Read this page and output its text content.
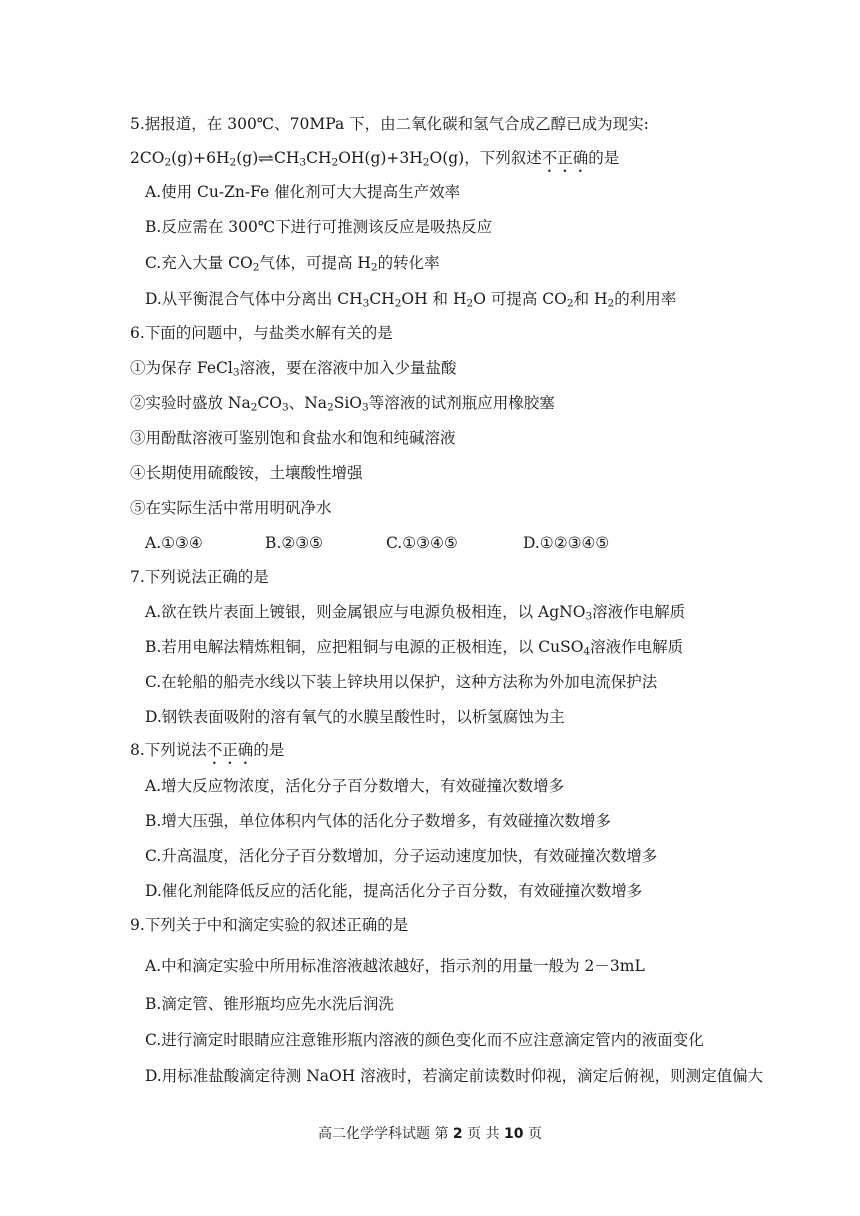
5.据报道，在 300℃、70MPa 下，由二氧化碳和氢气合成乙醇已成为现实:
$2CO_2(g)+6H_2(g)\rightleftharpoons CH_3CH_2OH(g)+3H_2O(g)$，下列叙述不正确的是
A.使用 Cu-Zn-Fe 催化剂可大大提高生产效率
B.反应需在 300℃下进行可推测该反应是吸热反应
C.充入大量 $CO_2$气体，可提高 $H_2$的转化率
D.从平衡混合气体中分离出 $CH_3CH_2OH$ 和 $H_2O$ 可提高 $CO_2$和 $H_2$的利用率
6.下面的问题中，与盐类水解有关的是
①为保存 FeCl$_3$溶液，要在溶液中加入少量盐酸
②实验时盛放 $Na_2CO_3$、$Na_2SiO_3$等溶液的试剂瓶应用橡胶塞
③用酚酞溶液可鉴别饱和食盐水和饱和纯碱溶液
④长期使用硫酸铵，土壤酸性增强
⑤在实际生活中常用明矾净水
A.①③④	B.②③⑤	C.①③④⑤	D.①②③④⑤
7.下列说法正确的是
A.欲在铁片表面上镀银，则金属银应与电源负极相连，以 AgNO$_3$溶液作电解质
B.若用电解法精炼粗铜，应把粗铜与电源的正极相连，以 CuSO$_4$溶液作电解质
C.在轮船的船壳水线以下装上锌块用以保护，这种方法称为外加电流保护法
D.钢铁表面吸附的溶有氧气的水膜呈酸性时，以析氢腐蚀为主
8.下列说法不正确的是
A.增大反应物浓度，活化分子百分数增大，有效碰撞次数增多
B.增大压强，单位体积内气体的活化分子数增多，有效碰撞次数增多
C.升高温度，活化分子百分数增加，分子运动速度加快，有效碰撞次数增多
D.催化剂能降低反应的活化能，提高活化分子百分数，有效碰撞次数增多
9.下列关于中和滴定实验的叙述正确的是
A.中和滴定实验中所用标准溶液越浓越好，指示剂的用量一般为 2－3mL
B.滴定管、锥形瓶均应先水洗后润洗
C.进行滴定时眼睛应注意锥形瓶内溶液的颜色变化而不应注意滴定管内的液面变化
D.用标准盐酸滴定待测 NaOH 溶液时，若滴定前读数时仰视，滴定后俯视，则测定值偏大
高二化学学科试题 第 2 页 共 10 页
